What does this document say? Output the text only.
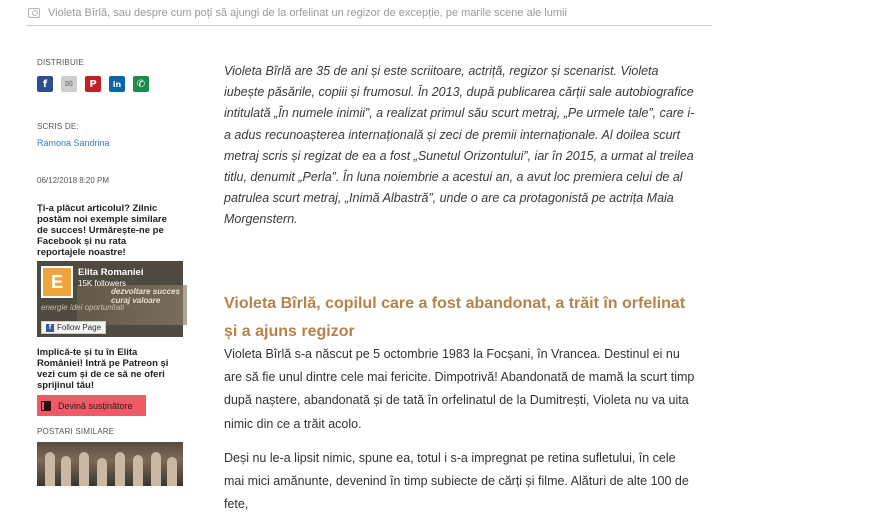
Violeta Bîrlă, sau despre cum poți să ajungi de la orfelinat un regizor de excepție, pe marile scene ale lumii
DISTRIBUIE
f ✉ P in ✆
SCRIS DE:
Ramona Sandrina
06/12/2018 8:20 PM
Ți-a plăcut articolul? Zilnic postăm noi exemple similare de succes! Urmărește-ne pe Facebook și nu rata reportajele noastre!
E	Elita Romaniei
15K followers
dezvoltare succes curaj valoare
energie idei oportunitati
f Follow Page
Implică-te și tu în Elita României! Intră pe Patreon și vezi cum și de ce să ne oferi sprijinul tău!
Devină susținătore
POSTARI SIMILARE

Violeta Bîrlă are 35 de ani și este scriitoare, actriță, regizor și scenarist. Violeta iubește păsările, copiii și frumosul. În 2013, după publicarea cărții sale autobiografice intitulată „În numele inimii”, a realizat primul său scurt metraj, „Pe urmele tale”, care i-a adus recunoașterea internațională și zeci de premii internaționale. Al doilea scurt metraj scris și regizat de ea a fost „Sunetul Orizontului”, iar în 2015, a urmat al treilea titlu, denumit „Perla”. În luna noiembrie a acestui an, a avut loc premiera celui de al patrulea scurt metraj, „Inimă Albastră”, unde o are ca protagonistă pe actrița Maia Morgenstern.

Violeta Bîrlă, copilul care a fost abandonat, a trăit în orfelinat și a ajuns regizor

Violeta Bîrlă s-a născut pe 5 octombrie 1983 la Focșani, în Vrancea. Destinul ei nu are să fie unul dintre cele mai fericite. Dimpotrivă! Abandonată de mamă la scurt timp după naștere, abandonată și de tată în orfelinatul de la Dumitrești, Violeta nu va uita nimic din ce a trăit acolo.

Deși nu le-a lipsit nimic, spune ea, totul i s-a impregnat pe retina sufletului, în cele mai mici amănunte, devenind în timp subiecte de cărți și filme. Alături de alte 100 de fete,
